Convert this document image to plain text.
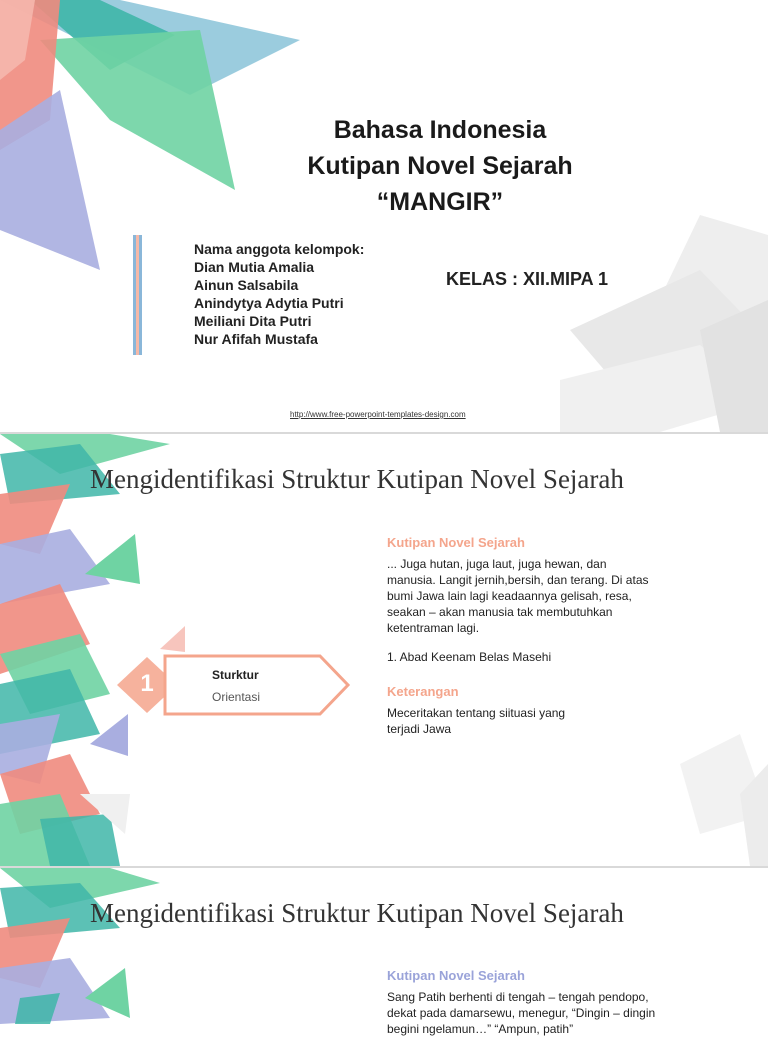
Bahasa Indonesia
Kutipan Novel Sejarah
“MANGIR”
Nama anggota kelompok:
Dian Mutia Amalia
Ainun Salsabila
Anindytya Adytia Putri
Meiliani Dita Putri
Nur Afifah Mustafa
KELAS : XII.MIPA 1
http://www.free-powerpoint-templates-design.com
Mengidentifikasi Struktur Kutipan Novel Sejarah
Kutipan Novel Sejarah
... Juga hutan, juga laut, juga hewan, dan
manusia. Langit jernih,bersih, dan terang. Di atas
bumi Jawa lain lagi keadaannya gelisah, resa,
seakan – akan manusia tak membutuhkan
ketentraman lagi.
1. Abad Keenam Belas Masehi
Keterangan
Meceritakan tentang siituasi yang
terjadi Jawa
1	Sturktur
Orientasi
Mengidentifikasi Struktur Kutipan Novel Sejarah
Kutipan Novel Sejarah
Sang Patih berhenti di tengah – tengah pendopo,
dekat pada damarsewu, menegur, “Dingin – dingin
begini ngelamun…” “Ampun, patih”
